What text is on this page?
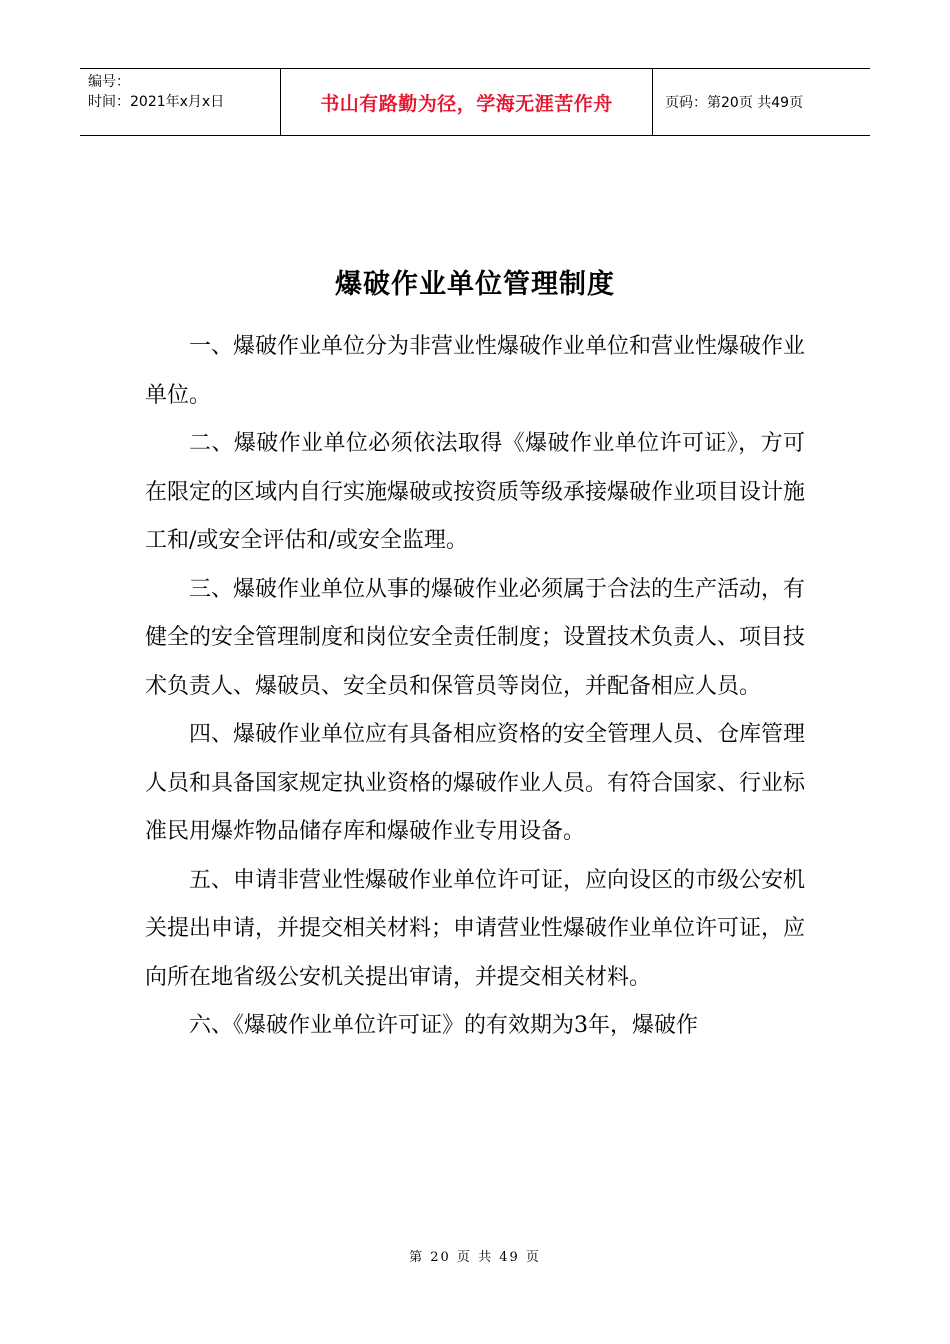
编号：
时间：2021年x月x日	书山有路勤为径，学海无涯苦作舟	页码：第20页 共49页
爆破作业单位管理制度

一、爆破作业单位分为非营业性爆破作业单位和营业性爆破作业单位。

二、爆破作业单位必须依法取得《爆破作业单位许可证》，方可在限定的区域内自行实施爆破或按资质等级承接爆破作业项目设计施工和/或安全评估和/或安全监理。

三、爆破作业单位从事的爆破作业必须属于合法的生产活动，有健全的安全管理制度和岗位安全责任制度；设置技术负责人、项目技术负责人、爆破员、安全员和保管员等岗位，并配备相应人员。

四、爆破作业单位应有具备相应资格的安全管理人员、仓库管理人员和具备国家规定执业资格的爆破作业人员。有符合国家、行业标准民用爆炸物品储存库和爆破作业专用设备。

五、申请非营业性爆破作业单位许可证，应向设区的市级公安机关提出申请，并提交相关材料；申请营业性爆破作业单位许可证，应向所在地省级公安机关提出审请，并提交相关材料。

六、《爆破作业单位许可证》的有效期为3年，爆破作

第 20 页 共 49 页
